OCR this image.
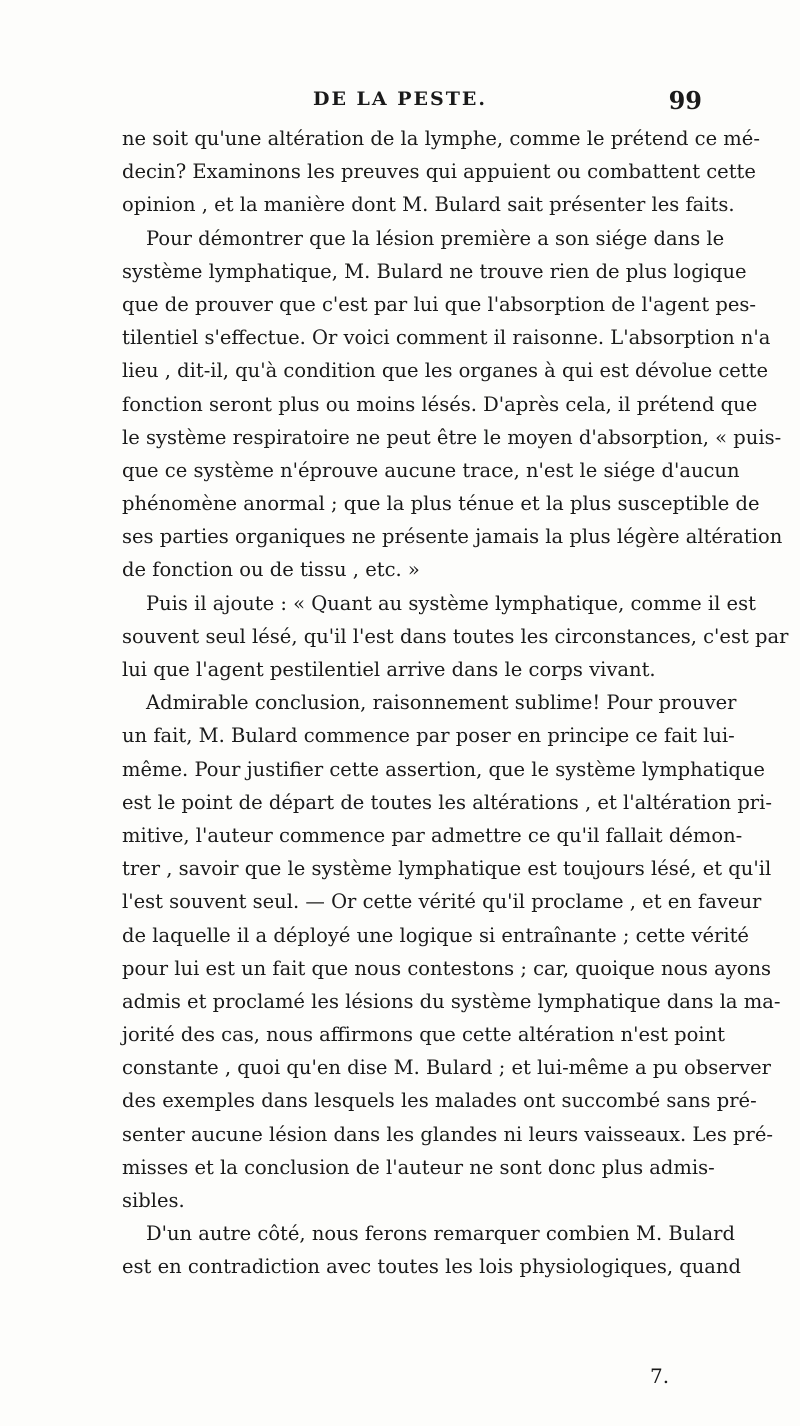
DE LA PESTE.	99
ne soit qu'une altération de la lymphe, comme le prétend ce mé-
decin? Examinons les preuves qui appuient ou combattent cette
opinion , et la manière dont M. Bulard sait présenter les faits.
Pour démontrer que la lésion première a son siége dans le
système lymphatique, M. Bulard ne trouve rien de plus logique
que de prouver que c'est par lui que l'absorption de l'agent pes-
tilentiel s'effectue. Or voici comment il raisonne. L'absorption n'a
lieu , dit-il, qu'à condition que les organes à qui est dévolue cette
fonction seront plus ou moins lésés. D'après cela, il prétend que
le système respiratoire ne peut être le moyen d'absorption, « puis-
que ce système n'éprouve aucune trace, n'est le siége d'aucun
phénomène anormal ; que la plus ténue et la plus susceptible de
ses parties organiques ne présente jamais la plus légère altération
de fonction ou de tissu , etc. »
Puis il ajoute : « Quant au système lymphatique, comme il est
souvent seul lésé, qu'il l'est dans toutes les circonstances, c'est par
lui que l'agent pestilentiel arrive dans le corps vivant.
Admirable conclusion, raisonnement sublime! Pour prouver
un fait, M. Bulard commence par poser en principe ce fait lui-
même. Pour justifier cette assertion, que le système lymphatique
est le point de départ de toutes les altérations , et l'altération pri-
mitive, l'auteur commence par admettre ce qu'il fallait démon-
trer , savoir que le système lymphatique est toujours lésé, et qu'il
l'est souvent seul. — Or cette vérité qu'il proclame , et en faveur
de laquelle il a déployé une logique si entraînante ; cette vérité
pour lui est un fait que nous contestons ; car, quoique nous ayons
admis et proclamé les lésions du système lymphatique dans la ma-
jorité des cas, nous affirmons que cette altération n'est point
constante , quoi qu'en dise M. Bulard ; et lui-même a pu observer
des exemples dans lesquels les malades ont succombé sans pré-
senter aucune lésion dans les glandes ni leurs vaisseaux. Les pré-
misses et la conclusion de l'auteur ne sont donc plus admis-
sibles.
D'un autre côté, nous ferons remarquer combien M. Bulard
est en contradiction avec toutes les lois physiologiques, quand
7.
